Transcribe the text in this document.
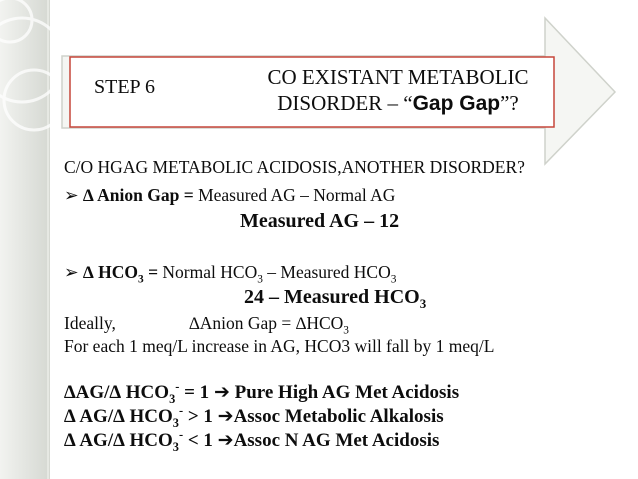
STEP 6	CO EXISTANT METABOLIC
DISORDER – “Gap Gap”?
C/O HGAG METABOLIC ACIDOSIS,ANOTHER DISORDER?
➢ ∆ Anion Gap = Measured AG – Normal AG
Measured AG – 12
➢ ∆ $HCO_3$ = Normal $HCO_3$ – Measured $HCO_3$
24 – Measured $HCO_3$
Ideally,	∆Anion Gap = $\Delta HCO_3$
For each 1 meq/L increase in AG, HCO3 will fall by 1 meq/L
∆AG/∆ $HCO_3^- = 1$ ➔ Pure High AG Met Acidosis
∆ AG/∆ $HCO_3^- > 1$ ➔Assoc Metabolic Alkalosis
∆ AG/∆ $HCO_3^- < 1$ ➔Assoc N AG Met Acidosis
